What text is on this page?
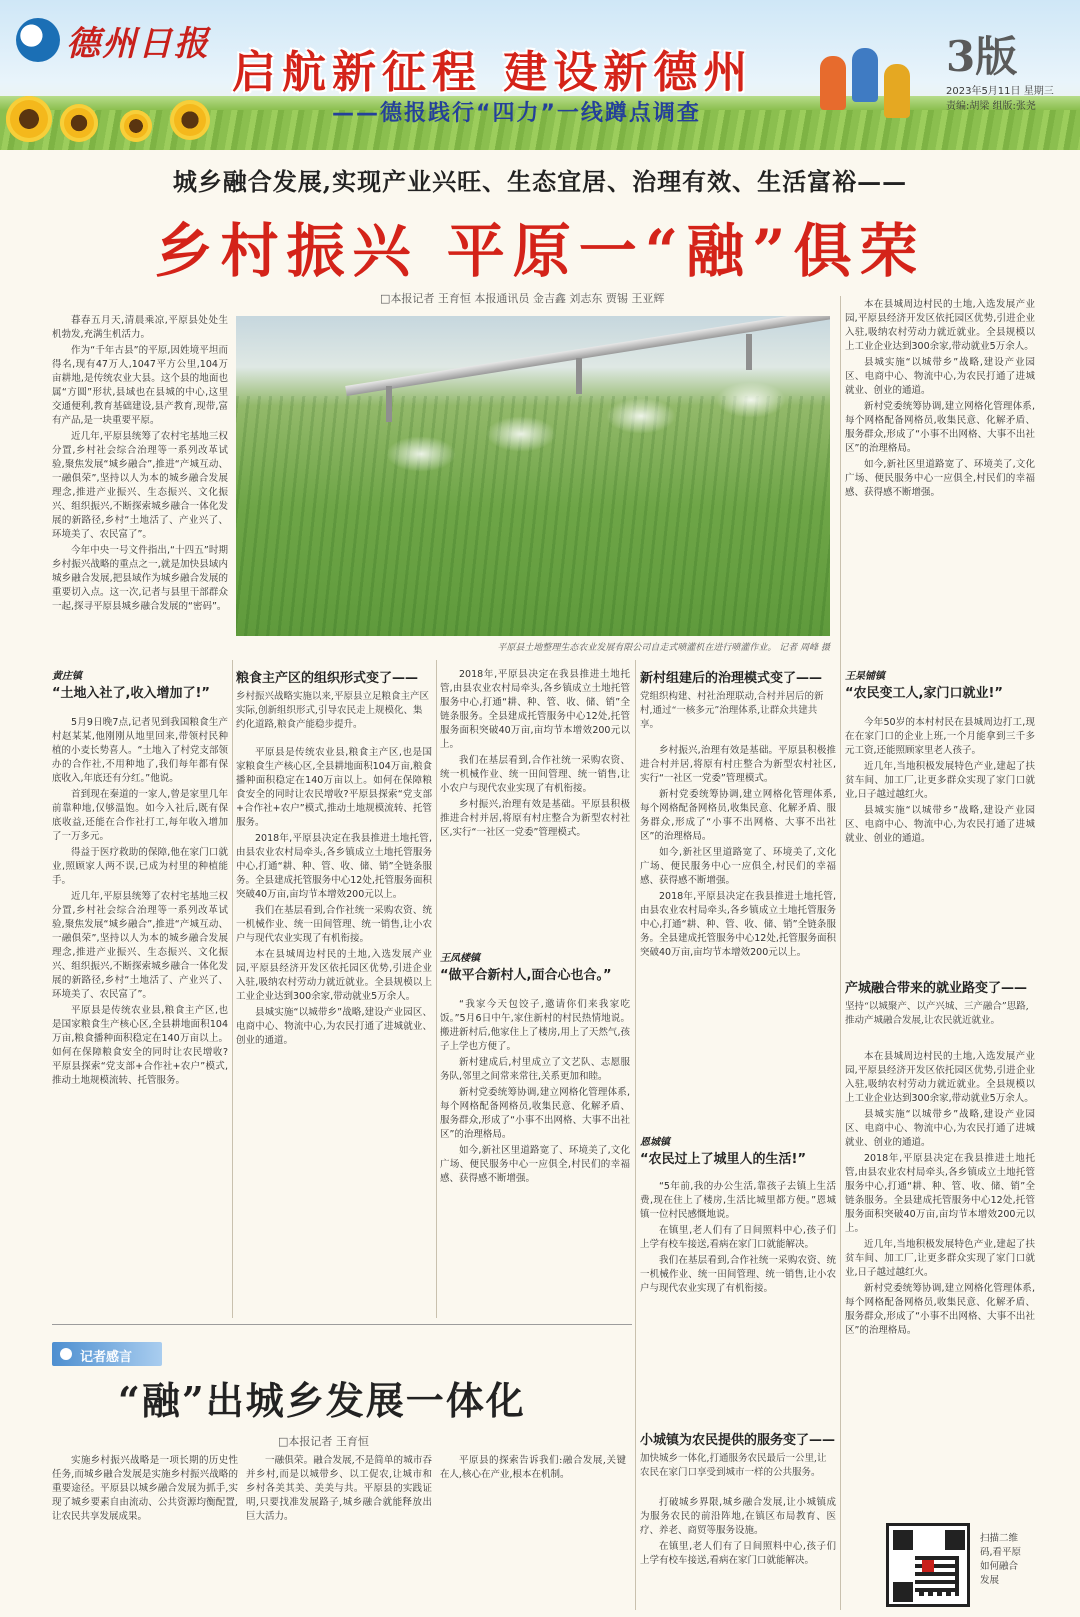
德州日报
启航新征程 建设新德州
——德报践行“四力”一线蹲点调查
3版
2023年5月11日 星期三
责编:胡梁 组版:张尧
城乡融合发展,实现产业兴旺、生态宜居、治理有效、生活富裕——
乡村振兴 平原一“融”俱荣
□本报记者 王育恒 本报通讯员 金吉鑫 刘志东 贾锡 王亚辉

暮春五月天,清晨乘凉,平原县处处生机勃发,充满生机活力。

作为“千年古县”的平原,因姓境平坦而得名,现有47万人,1047平方公里,104万亩耕地,是传统农业大县。这个县的地面也属“方圆”形状,县域也在县城的中心,这里交通便利,教育基础建设,县产教育,现带,富有产品,是一块重要平原。

近几年,平原县统筹了农村宅基地三权分置,乡村社会综合治理等一系列改革试验,聚焦发展“城乡融合”,推进“产城互动、一融俱荣”,坚持以人为本的城乡融合发展理念,推进产业振兴、生态振兴、文化振兴、组织振兴,不断探索城乡融合一体化发展的新路径,乡村“土地活了、产业兴了、环境美了、农民富了”。

今年中央一号文件指出,“十四五”时期乡村振兴战略的重点之一,就是加快县域内城乡融合发展,把县域作为城乡融合发展的重要切入点。这一次,记者与县里干部群众一起,探寻平原县城乡融合发展的“密码”。

平原县土地整理生态农业发展有限公司自走式喷灌机在进行喷灌作业。 记者 周峰 摄

本在县城周边村民的土地,入选发展产业园,平原县经济开发区依托园区优势,引进企业入驻,吸纳农村劳动力就近就业。全县规模以上工业企业达到300余家,带动就业5万余人。

县城实施“以城带乡”战略,建设产业园区、电商中心、物流中心,为农民打通了进城就业、创业的通道。

新村党委统筹协调,建立网格化管理体系,每个网格配备网格员,收集民意、化解矛盾、服务群众,形成了“小事不出网格、大事不出社区”的治理格局。

如今,新社区里道路宽了、环境美了,文化广场、便民服务中心一应俱全,村民们的幸福感、获得感不断增强。

黄庄镇
“土地入社了,收入增加了!”

5月9日晚7点,记者见到我国粮食生产村赵某某,他刚刚从地里回来,带领村民种植的小麦长势喜人。“土地入了村党支部领办的合作社,不用种地了,我们每年都有保底收入,年底还有分红。”他说。

首到现在秦道的一家人,曾是家里几年前靠种地,仅够温饱。如今入社后,既有保底收益,还能在合作社打工,每年收入增加了一万多元。

得益于医疗救助的保障,他在家门口就业,照顾家人两不误,已成为村里的种植能手。

近几年,平原县统筹了农村宅基地三权分置,乡村社会综合治理等一系列改革试验,聚焦发展“城乡融合”,推进“产城互动、一融俱荣”,坚持以人为本的城乡融合发展理念,推进产业振兴、生态振兴、文化振兴、组织振兴,不断探索城乡融合一体化发展的新路径,乡村“土地活了、产业兴了、环境美了、农民富了”。

平原县是传统农业县,粮食主产区,也是国家粮食生产核心区,全县耕地面积104万亩,粮食播种面积稳定在140万亩以上。如何在保障粮食安全的同时让农民增收?平原县探索“党支部+合作社+农户”模式,推动土地规模流转、托管服务。

粮食主产区的组织形式变了——
乡村振兴战略实施以来,平原县立足粮食主产区实际,创新组织形式,引导农民走上规模化、集约化道路,粮食产能稳步提升。

平原县是传统农业县,粮食主产区,也是国家粮食生产核心区,全县耕地面积104万亩,粮食播种面积稳定在140万亩以上。如何在保障粮食安全的同时让农民增收?平原县探索“党支部+合作社+农户”模式,推动土地规模流转、托管服务。

2018年,平原县决定在我县推进土地托管,由县农业农村局牵头,各乡镇成立土地托管服务中心,打通“耕、种、管、收、储、销”全链条服务。全县建成托管服务中心12处,托管服务面积突破40万亩,亩均节本增效200元以上。

我们在基层看到,合作社统一采购农资、统一机械作业、统一田间管理、统一销售,让小农户与现代农业实现了有机衔接。

本在县城周边村民的土地,入选发展产业园,平原县经济开发区依托园区优势,引进企业入驻,吸纳农村劳动力就近就业。全县规模以上工业企业达到300余家,带动就业5万余人。

县城实施“以城带乡”战略,建设产业园区、电商中心、物流中心,为农民打通了进城就业、创业的通道。

2018年,平原县决定在我县推进土地托管,由县农业农村局牵头,各乡镇成立土地托管服务中心,打通“耕、种、管、收、储、销”全链条服务。全县建成托管服务中心12处,托管服务面积突破40万亩,亩均节本增效200元以上。

我们在基层看到,合作社统一采购农资、统一机械作业、统一田间管理、统一销售,让小农户与现代农业实现了有机衔接。

乡村振兴,治理有效是基础。平原县积极推进合村并居,将原有村庄整合为新型农村社区,实行“一社区一党委”管理模式。

王凤楼镇
“做平合新村人,面合心也合。”

“我家今天包饺子,邀请你们来我家吃饭。”5月6日中午,家住新村的村民热情地说。搬进新村后,他家住上了楼房,用上了天然气,孩子上学也方便了。

新村建成后,村里成立了文艺队、志愿服务队,邻里之间常来常往,关系更加和睦。

新村党委统筹协调,建立网格化管理体系,每个网格配备网格员,收集民意、化解矛盾、服务群众,形成了“小事不出网格、大事不出社区”的治理格局。

如今,新社区里道路宽了、环境美了,文化广场、便民服务中心一应俱全,村民们的幸福感、获得感不断增强。

新村组建后的治理模式变了——
党组织构建、村社治理联动,合村并居后的新村,通过“一核多元”治理体系,让群众共建共享。

乡村振兴,治理有效是基础。平原县积极推进合村并居,将原有村庄整合为新型农村社区,实行“一社区一党委”管理模式。

新村党委统筹协调,建立网格化管理体系,每个网格配备网格员,收集民意、化解矛盾、服务群众,形成了“小事不出网格、大事不出社区”的治理格局。

如今,新社区里道路宽了、环境美了,文化广场、便民服务中心一应俱全,村民们的幸福感、获得感不断增强。

2018年,平原县决定在我县推进土地托管,由县农业农村局牵头,各乡镇成立土地托管服务中心,打通“耕、种、管、收、储、销”全链条服务。全县建成托管服务中心12处,托管服务面积突破40万亩,亩均节本增效200元以上。

恩城镇
“农民过上了城里人的生活!”

“5年前,我的办公生活,靠孩子去镇上生活费,现在住上了楼房,生活比城里都方便。”恩城镇一位村民感慨地说。

在镇里,老人们有了日间照料中心,孩子们上学有校车接送,看病在家门口就能解决。

我们在基层看到,合作社统一采购农资、统一机械作业、统一田间管理、统一销售,让小农户与现代农业实现了有机衔接。

小城镇为农民提供的服务变了——
加快城乡一体化,打通服务农民最后一公里,让农民在家门口享受到城市一样的公共服务。

打破城乡界限,城乡融合发展,让小城镇成为服务农民的前沿阵地,在镇区布局教育、医疗、养老、商贸等服务设施。

在镇里,老人们有了日间照料中心,孩子们上学有校车接送,看病在家门口就能解决。

王杲铺镇
“农民变工人,家门口就业!”

今年50岁的本村村民在县城周边打工,现在在家门口的企业上班,一个月能拿到三千多元工资,还能照顾家里老人孩子。

近几年,当地积极发展特色产业,建起了扶贫车间、加工厂,让更多群众实现了家门口就业,日子越过越红火。

县城实施“以城带乡”战略,建设产业园区、电商中心、物流中心,为农民打通了进城就业、创业的通道。

产城融合带来的就业路变了——
坚持“以城聚产、以产兴城、三产融合”思路,推动产城融合发展,让农民就近就业。

本在县城周边村民的土地,入选发展产业园,平原县经济开发区依托园区优势,引进企业入驻,吸纳农村劳动力就近就业。全县规模以上工业企业达到300余家,带动就业5万余人。

县城实施“以城带乡”战略,建设产业园区、电商中心、物流中心,为农民打通了进城就业、创业的通道。

2018年,平原县决定在我县推进土地托管,由县农业农村局牵头,各乡镇成立土地托管服务中心,打通“耕、种、管、收、储、销”全链条服务。全县建成托管服务中心12处,托管服务面积突破40万亩,亩均节本增效200元以上。

近几年,当地积极发展特色产业,建起了扶贫车间、加工厂,让更多群众实现了家门口就业,日子越过越红火。

新村党委统筹协调,建立网格化管理体系,每个网格配备网格员,收集民意、化解矛盾、服务群众,形成了“小事不出网格、大事不出社区”的治理格局。

记者感言
“融”出城乡发展一体化
□本报记者 王育恒

实施乡村振兴战略是一项长期的历史性任务,而城乡融合发展是实施乡村振兴战略的重要途径。平原县以城乡融合发展为抓手,实现了城乡要素自由流动、公共资源均衡配置,让农民共享发展成果。

一融俱荣。融合发展,不是简单的城市吞并乡村,而是以城带乡、以工促农,让城市和乡村各美其美、美美与共。平原县的实践证明,只要找准发展路子,城乡融合就能释放出巨大活力。

平原县的探索告诉我们:融合发展,关键在人,核心在产业,根本在机制。

扫描二维码,看平原如何融合发展
